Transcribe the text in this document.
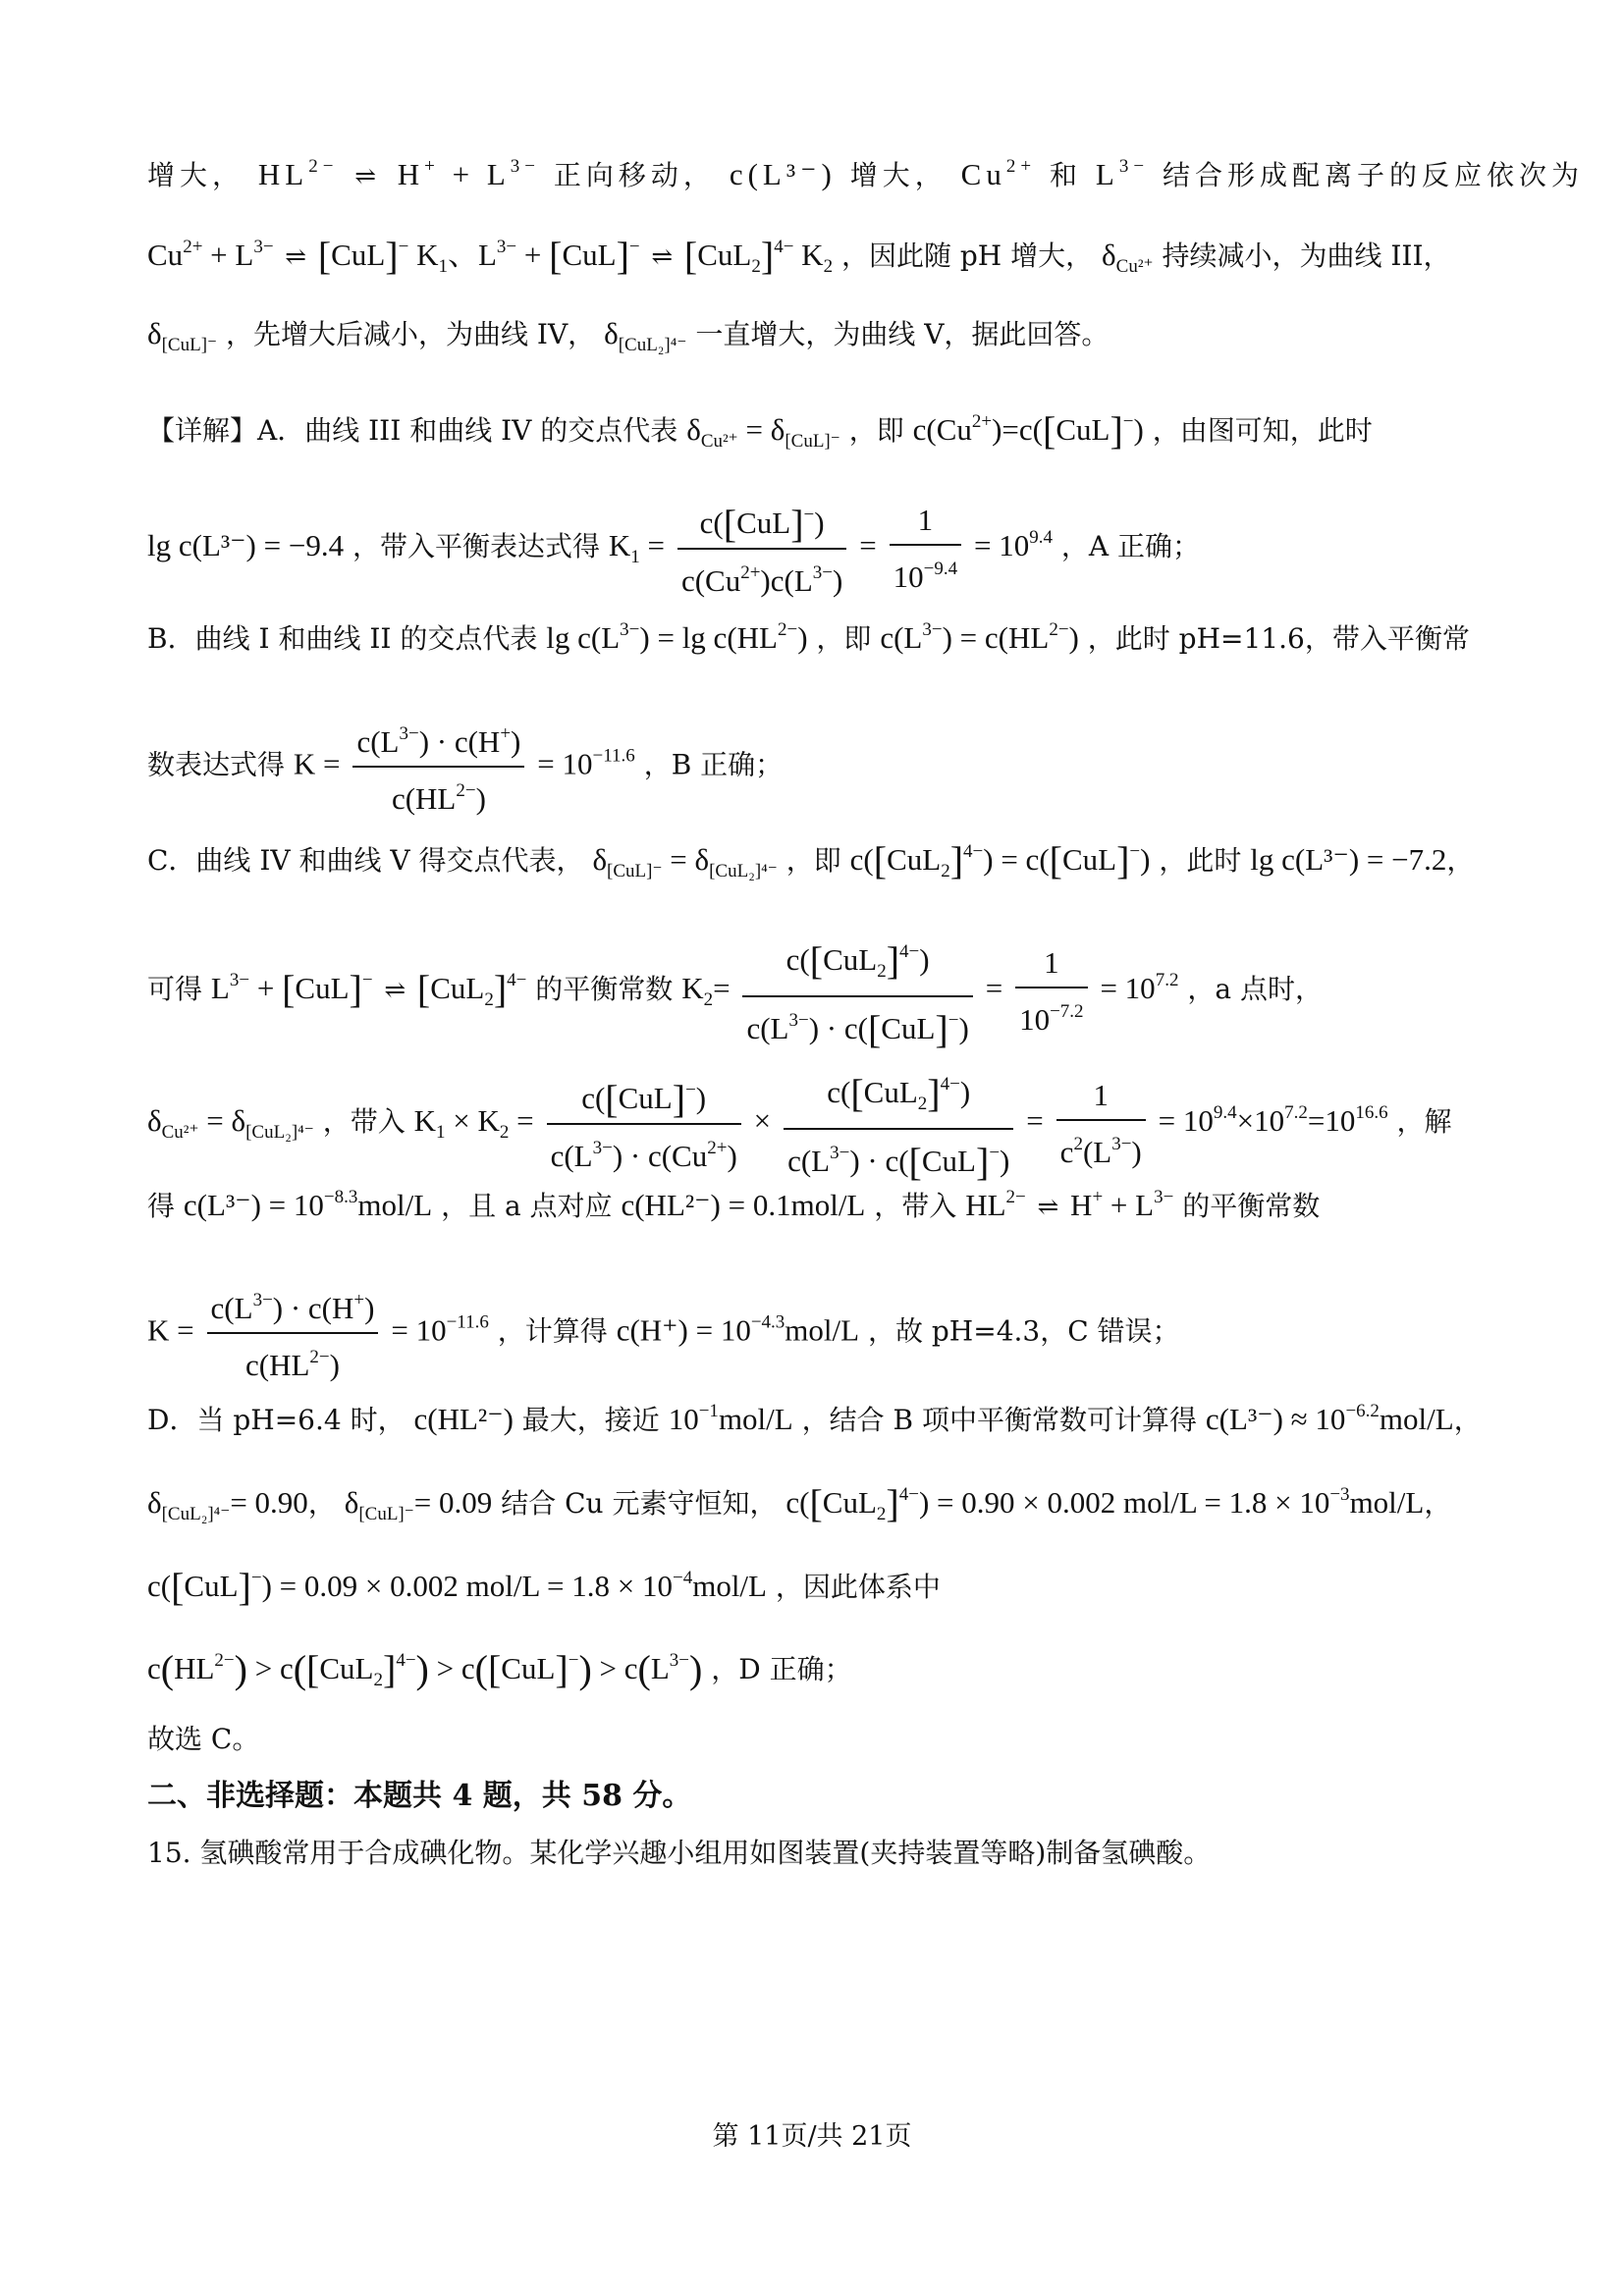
增大， $HL^{2-}$ ⇌ $H^+ + L^{3-}$ 正向移动， c(L³⁻) 增大， $Cu^{2+}$ 和 $L^{3-}$ 结合形成配离子的反应依次为
$Cu^{2+} + L^{3-}$ ⇌ [CuL]− $K_1$、$L^{3-} + [CuL]^-$ ⇌ $[CuL_2]^{4-}$ $K_2$ ，因此随 pH 增大， $\delta_{Cu^{2+}}$ 持续减小，为曲线 III，
$\delta_{[CuL]^-}$ ，先增大后减小，为曲线 IV， $\delta_{[CuL_2]^{4-}}$ 一直增大，为曲线 V，据此回答。
【详解】A．曲线 III 和曲线 IV 的交点代表 $\delta_{Cu^{2+}} = \delta_{[CuL]^-}$ ，即 $c(Cu^{2+})=c([CuL]^-)$ ，由图可知，此时
lg c(L³⁻) = −9.4 ，带入平衡表达式得 $K_1 = \frac{c([CuL]^-)}{c(Cu^{2+})c(L^{3-})} = \frac{1}{10^{-9.4}} = 10^{9.4}$ ，A 正确；
B．曲线 I 和曲线 II 的交点代表 $\lg c(L^{3-}) = \lg c(HL^{2-})$ ，即 $c(L^{3-}) = c(HL^{2-})$ ，此时 pH=11.6，带入平衡常
数表达式得 $K = \frac{c(L^{3-}) \cdot c(H^+)}{c(HL^{2-})} = 10^{-11.6}$ ，B 正确；
C．曲线 IV 和曲线 V 得交点代表， $\delta_{[CuL]^-} = \delta_{[CuL_2]^{4-}}$ ，即 $c([CuL_2]^{4-}) = c([CuL]^-)$ ，此时 lg c(L³⁻) = −7.2，
可得 $L^{3-} + [CuL]^-$ ⇌ $[CuL_2]^{4-}$ 的平衡常数 $K_2= \frac{c([CuL_2]^{4-})}{c(L^{3-}) \cdot c([CuL]^-)} = \frac{1}{10^{-7.2}} = 10^{7.2}$ ，a 点时，
$\delta_{Cu^{2+}} = \delta_{[CuL_2]^{4-}}$ ，带入 $K_1 \times K_2 = \frac{c([CuL]^-)}{c(L^{3-}) \cdot c(Cu^{2+})} \times \frac{c([CuL_2]^{4-})}{c(L^{3-}) \cdot c([CuL]^-)} = \frac{1}{c^2(L^{3-})} = 10^{9.4}\times 10^{7.2}=10^{16.6}$ ，解
得 $c(L^{3-}) = 10^{-8.3}mol/L$ ，且 a 点对应 c(HL²⁻) = 0.1mol/L ，带入 $HL^{2-}$ ⇌ $H^+ + L^{3-}$ 的平衡常数
$K = \frac{c(L^{3-}) \cdot c(H^+)}{c(HL^{2-})} = 10^{-11.6}$ ，计算得 $c(H^+) = 10^{-4.3}mol/L$ ，故 pH=4.3，C 错误；
D．当 pH=6.4 时， c(HL²⁻) 最大，接近 $10^{-1}mol/L$ ，结合 B 项中平衡常数可计算得 $c(L^{3-}) \approx 10^{-6.2}mol/L$，
$\delta_{[CuL_2]^{4-}}= 0.90$， $\delta_{[CuL]^-}= 0.09$ 结合 Cu 元素守恒知， $c([CuL_2]^{4-}) = 0.90 \times 0.002$ $mol/L = 1.8 \times 10^{-3}mol/L$，
c([CuL]−) = 0.09 × 0.002 $mol/L = 1.8 \times 10^{-4}mol/L$ ，因此体系中
$c(HL^{2-}) > c([CuL_2]^{4-}) > c([CuL]^-) > c(L^{3-})$ ，D 正确；
故选 C。
二、非选择题：本题共 4 题，共 58 分。
15. 氢碘酸常用于合成碘化物。某化学兴趣小组用如图装置(夹持装置等略)制备氢碘酸。
第 11页/共 21页
